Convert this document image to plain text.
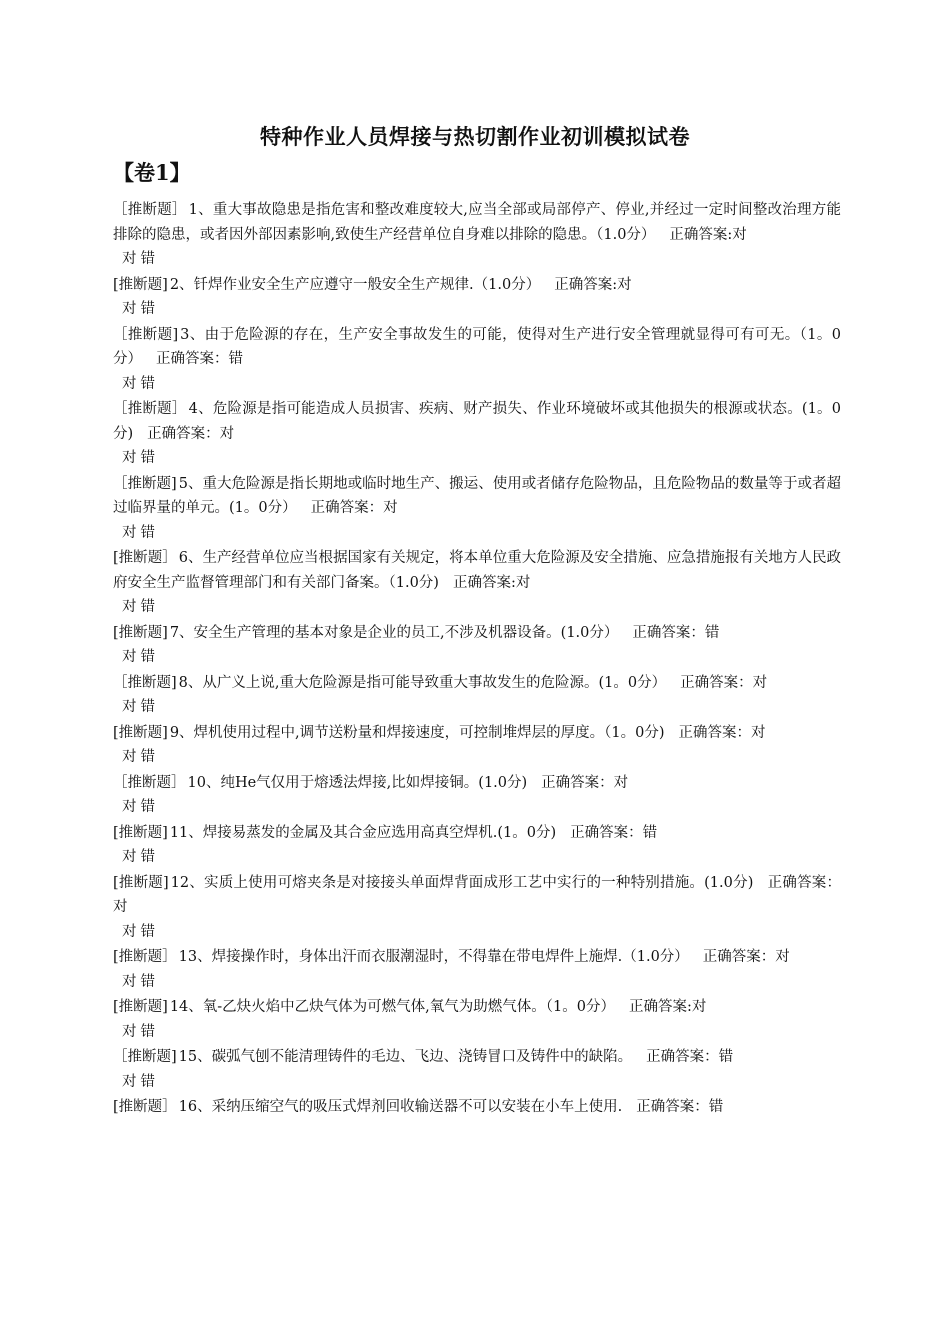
特种作业人员焊接与热切割作业初训模拟试卷
【卷1】

［推断题］ 1、重大事故隐患是指危害和整改难度较大,应当全部或局部停产、停业,并经过一定时间整改治理方能排除的隐患，或者因外部因素影响,致使生产经营单位自身难以排除的隐患。（1.0分） 正确答案:对

对 错

[推断题] 2、钎焊作业安全生产应遵守一般安全生产规律.（1.0分） 正确答案:对

对 错

［推断题] 3、由于危险源的存在，生产安全事故发生的可能，使得对生产进行安全管理就显得可有可无。（1。0分） 正确答案：错

对 错

［推断题］ 4、危险源是指可能造成人员损害、疾病、财产损失、作业环境破坏或其他损失的根源或状态。(1。0分) 正确答案：对

对 错

［推断题] 5、重大危险源是指长期地或临时地生产、搬运、使用或者储存危险物品，且危险物品的数量等于或者超过临界量的单元。(1。0分） 正确答案：对

对 错

[推断题］ 6、生产经营单位应当根据国家有关规定，将本单位重大危险源及安全措施、应急措施报有关地方人民政府安全生产监督管理部门和有关部门备案。（1.0分) 正确答案:对

对 错

[推断题] 7、安全生产管理的基本对象是企业的员工,不涉及机器设备。(1.0分） 正确答案：错

对 错

［推断题] 8、从广义上说,重大危险源是指可能导致重大事故发生的危险源。(1。0分） 正确答案：对

对 错

[推断题] 9、焊机使用过程中,调节送粉量和焊接速度，可控制堆焊层的厚度。（1。0分) 正确答案：对

对 错

［推断题］ 10、纯He气仅用于熔透法焊接,比如焊接铜。(1.0分) 正确答案：对

对 错

[推断题] 11、焊接易蒸发的金属及其合金应选用高真空焊机.(1。0分) 正确答案：错

对 错

[推断题] 12、实质上使用可熔夹条是对接接头单面焊背面成形工艺中实行的一种特别措施。(1.0分) 正确答案：对

对 错

[推断题］ 13、焊接操作时，身体出汗而衣服潮湿时，不得靠在带电焊件上施焊.（1.0分） 正确答案：对

对 错

[推断题] 14、氧-乙炔火焰中乙炔气体为可燃气体,氧气为助燃气体。（1。0分） 正确答案:对

对 错

［推断题] 15、碳弧气刨不能清理铸件的毛边、飞边、浇铸冒口及铸件中的缺陷。 正确答案：错

对 错

[推断题］ 16、采纳压缩空气的吸压式焊剂回收输送器不可以安装在小车上使用. 正确答案：错
